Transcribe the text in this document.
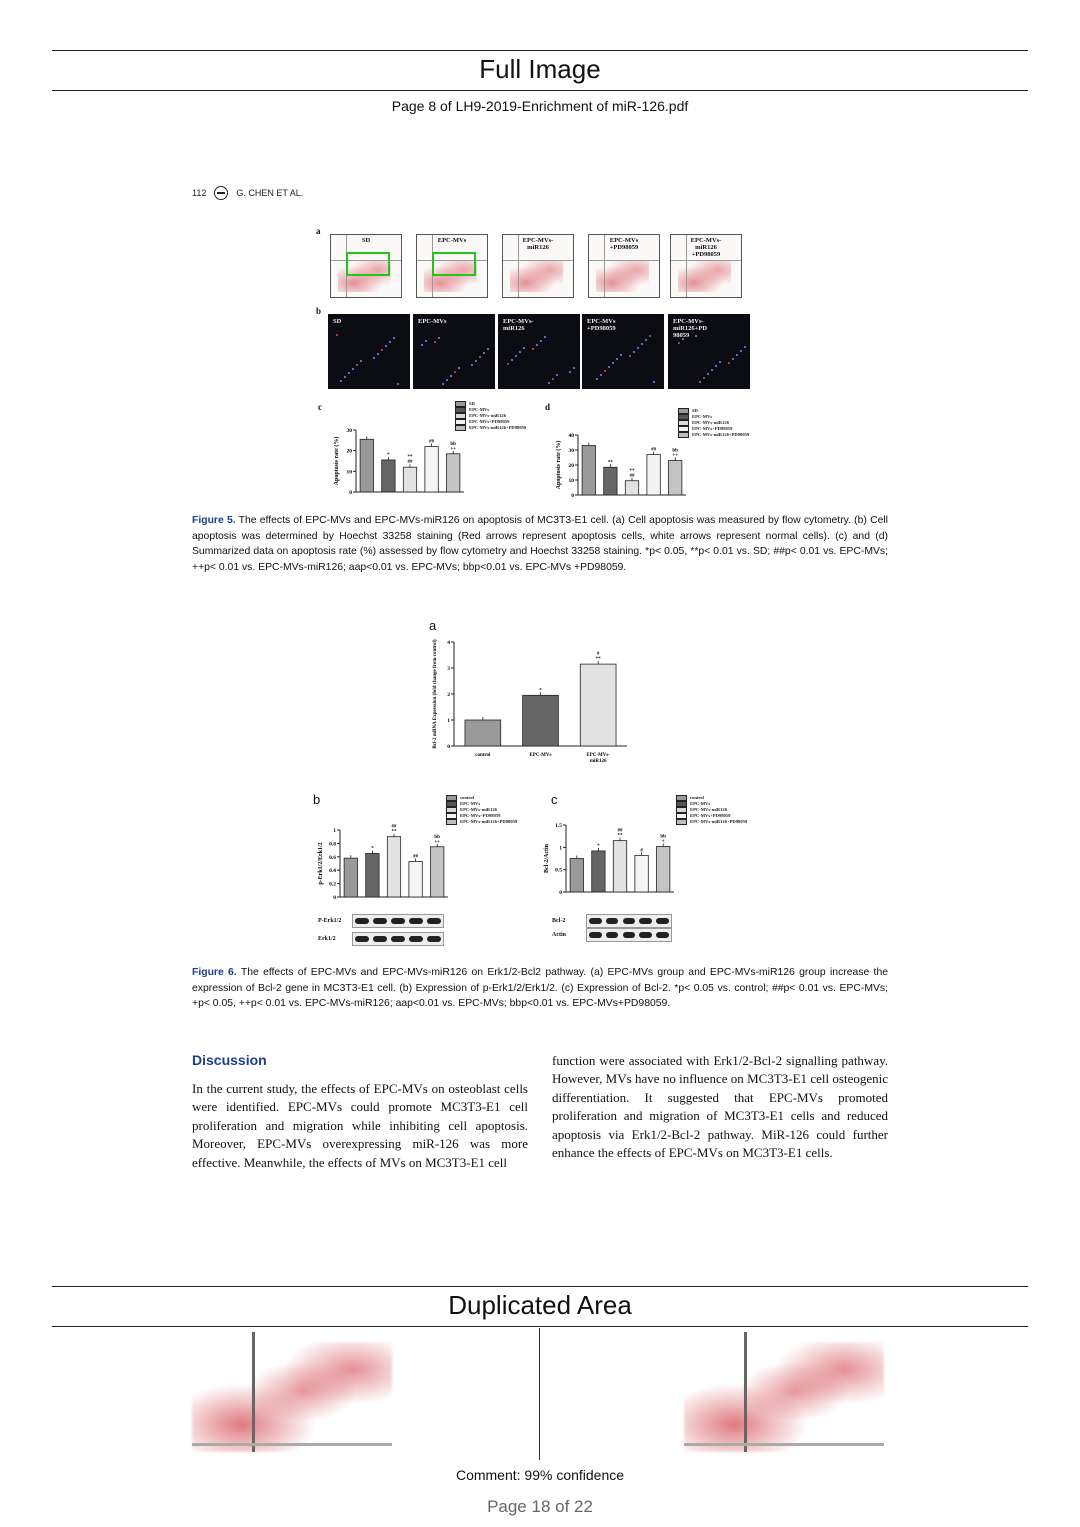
Full Image
Page 8 of LH9-2019-Enrichment of miR-126.pdf
112	G. CHEN ET AL.
a
SD	EPC-MVs	EPC-MVs-
miR126
EPC-MVs
+PD98059
EPC-MVs-
miR126
+PD98059
b
SD	EPC-MVs	EPC-MVs-
miR126
EPC-MVs
+PD98059
EPC-MVs-
miR126+PD
98059
c	d
SD
EPC-MVs
EPC-MVs-miR126
EPC-MVs+PD98059
EPC-MVs-miR126+PD98059
SD
EPC-MVs
EPC-MVs-miR126
EPC-MVs+PD98059
EPC-MVs-miR126+PD98059
0
10
20
30
Apoptosis rate (%)	*	**
##
##	bb
++
0
10
20
30
40
Apoptosis rate (%)	**
**
##
##	bb
++
Figure 5. The effects of EPC-MVs and EPC-MVs-miR126 on apoptosis of MC3T3-E1 cell. (a) Cell apoptosis was measured by flow cytometry. (b) Cell apoptosis was determined by Hoechst 33258 staining (Red arrows represent apoptosis cells, white arrows represent normal cells). (c) and (d) Summarized data on apoptosis rate (%) assessed by flow cytometry and Hoechst 33258 staining. *p< 0.05, **p< 0.01 vs. SD; ##p< 0.01 vs. EPC-MVs; ++p< 0.01 vs. EPC-MVs-miR126; aap<0.01 vs. EPC-MVs; bbp<0.01 vs. EPC-MVs +PD98059.
a
0
1
2
3
4
Bcl-2 mRNA Expression (fold change from control)
control
*
EPC-MVs
#
**
EPC-MVs-
miR126
b	c
control
EPC-MVs
EPC-MVs-miR126
EPC-MVs+PD98059
EPC-MVs-miR126+PD98059
control
EPC-MVs
EPC-MVs-miR126
EPC-MVs+PD98059
EPC-MVs-miR126+PD98059
0
0.2
0.4
0.6
0.8
1
p-Erk1/2/Erk1/2	*
##
**
##
bb
++
0
0.5
1
1.5
Bcl-2/Actin	*
##
**
#
bb
+
P-Erk1/2
Erk1/2
Bcl-2
Actin
Figure 6. The effects of EPC-MVs and EPC-MVs-miR126 on Erk1/2-Bcl2 pathway. (a) EPC-MVs group and EPC-MVs-miR126 group increase the expression of Bcl-2 gene in MC3T3-E1 cell. (b) Expression of p-Erk1/2/Erk1/2. (c) Expression of Bcl-2. *p< 0.05 vs. control; ##p< 0.01 vs. EPC-MVs; +p< 0.05, ++p< 0.01 vs. EPC-MVs-miR126; aap<0.01 vs. EPC-MVs; bbp<0.01 vs. EPC-MVs+PD98059.
Discussion
In the current study, the effects of EPC-MVs on osteoblast cells were identified. EPC-MVs could promote MC3T3-E1 cell proliferation and migration while inhibiting cell apoptosis. Moreover, EPC-MVs overexpressing miR-126 was more effective. Meanwhile, the effects of MVs on MC3T3-E1 cell
function were associated with Erk1/2-Bcl-2 signalling pathway. However, MVs have no influence on MC3T3-E1 cell osteogenic differentiation. It suggested that EPC-MVs promoted proliferation and migration of MC3T3-E1 cells and reduced apoptosis via Erk1/2-Bcl-2 pathway. MiR-126 could further enhance the effects of EPC-MVs on MC3T3-E1 cells.
Duplicated Area
Comment: 99% confidence
Page 18 of 22
